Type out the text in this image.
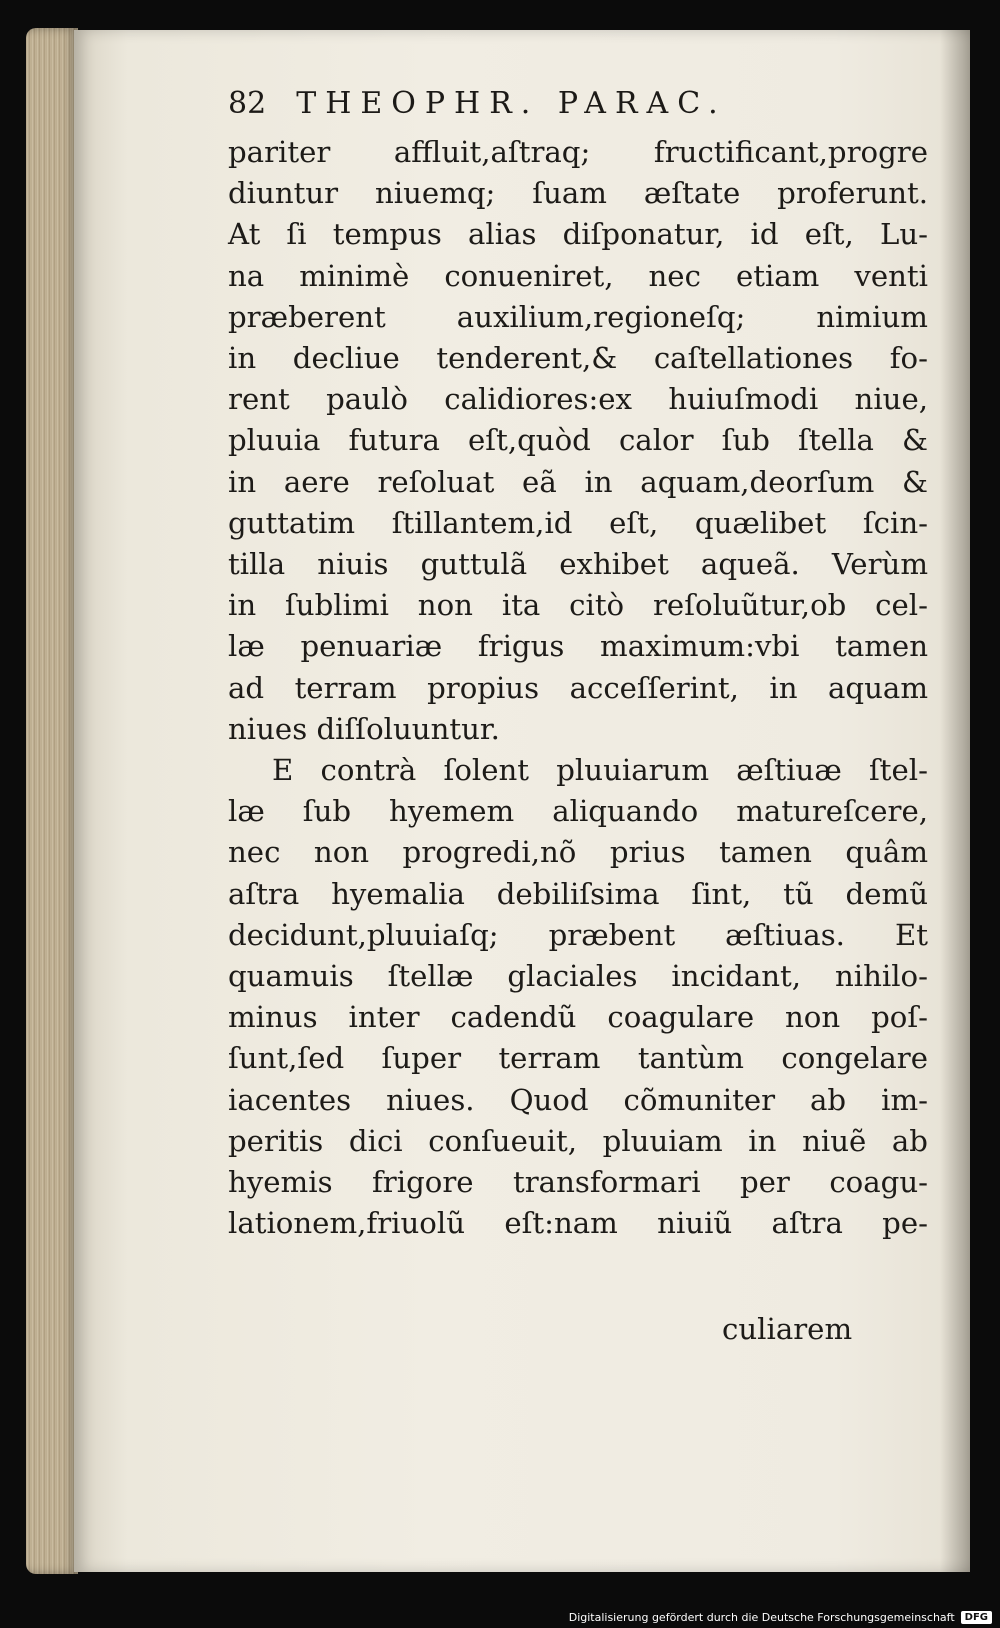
82 THEOPHR. PARAC.
pariter affluit,aſtraq; fructificant,progre
diuntur niuemq; ſuam æſtate proferunt.
At ſi tempus alias diſponatur, id eſt, Lu-
na minimè conueniret, nec etiam venti
præberent auxilium,regioneſq; nimium
in decliue tenderent,& caſtellationes fo-
rent paulò calidiores:ex huiuſmodi niue,
pluuia futura eſt,quòd calor ſub ſtella &
in aere reſoluat eã in aquam,deorſum &
guttatim ſtillantem,id eſt, quælibet ſcin-
tilla niuis guttulã exhibet aqueã. Verùm
in ſublimi non ita citò reſoluũtur,ob cel-
læ penuariæ frigus maximum:vbi tamen
ad terram propius acceſſerint, in aquam
niues diſſoluuntur.
E contrà ſolent pluuiarum æſtiuæ ſtel-
læ ſub hyemem aliquando matureſcere,
nec non progredi,nõ prius tamen quâm
aſtra hyemalia debiliſsima ſint, tũ demũ
decidunt,pluuiaſq; præbent æſtiuas. Et
quamuis ſtellæ glaciales incidant, nihilo-
minus inter cadendũ coagulare non poſ-
ſunt,ſed ſuper terram tantùm congelare
iacentes niues. Quod cõmuniter ab im-
peritis dici conſueuit, pluuiam in niuẽ ab
hyemis frigore transformari per coagu-
lationem,friuolũ eſt:nam niuiũ aſtra pe-
culiarem
Digitalisierung gefördert durch die Deutsche Forschungsgemeinschaft	DFG
